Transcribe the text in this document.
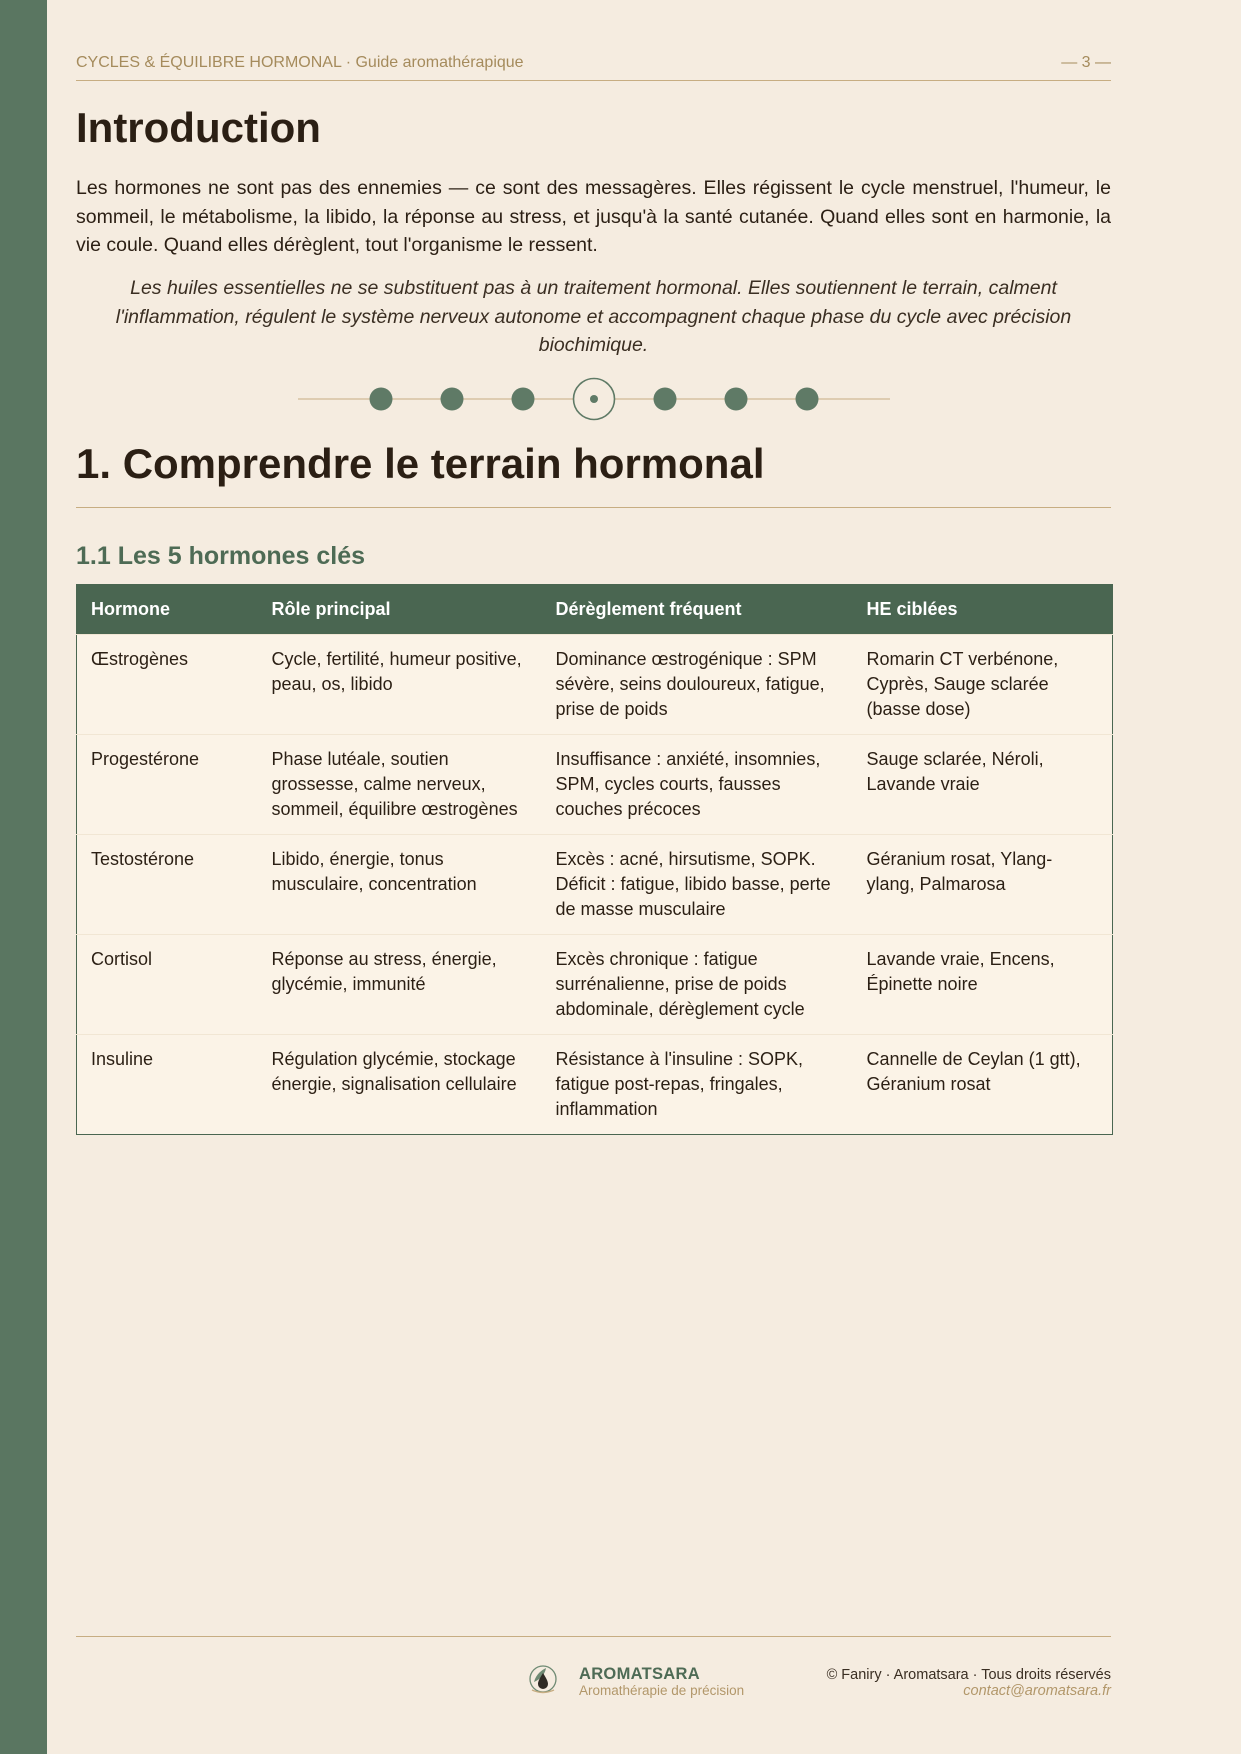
CYCLES & ÉQUILIBRE HORMONAL · Guide aromathérapique	— 3 —
Introduction

Les hormones ne sont pas des ennemies — ce sont des messagères. Elles régissent le cycle menstruel, l'humeur, le sommeil, le métabolisme, la libido, la réponse au stress, et jusqu'à la santé cutanée. Quand elles sont en harmonie, la vie coule. Quand elles dérèglent, tout l'organisme le ressent.

Les huiles essentielles ne se substituent pas à un traitement hormonal. Elles soutiennent le terrain, calment l'inflammation, régulent le système nerveux autonome et accompagnent chaque phase du cycle avec précision biochimique.

1. Comprendre le terrain hormonal
1.1 Les 5 hormones clés
Hormone	Rôle principal	Dérèglement fréquent	HE ciblées
Œstrogènes	Cycle, fertilité, humeur positive, peau, os, libido	Dominance œstrogénique : SPM sévère, seins douloureux, fatigue, prise de poids	Romarin CT verbénone, Cyprès, Sauge sclarée (basse dose)
Progestérone	Phase lutéale, soutien grossesse, calme nerveux, sommeil, équilibre œstrogènes	Insuffisance : anxiété, insomnies, SPM, cycles courts, fausses couches précoces	Sauge sclarée, Néroli, Lavande vraie
Testostérone	Libido, énergie, tonus musculaire, concentration	Excès : acné, hirsutisme, SOPK. Déficit : fatigue, libido basse, perte de masse musculaire	Géranium rosat, Ylang-ylang, Palmarosa
Cortisol	Réponse au stress, énergie, glycémie, immunité	Excès chronique : fatigue surrénalienne, prise de poids abdominale, dérèglement cycle	Lavande vraie, Encens, Épinette noire
Insuline	Régulation glycémie, stockage énergie, signalisation cellulaire	Résistance à l'insuline : SOPK, fatigue post-repas, fringales, inflammation	Cannelle de Ceylan (1 gtt), Géranium rosat
AROMATSARA
Aromathérapie de précision
© Faniry · Aromatsara · Tous droits réservés
contact@aromatsara.fr
